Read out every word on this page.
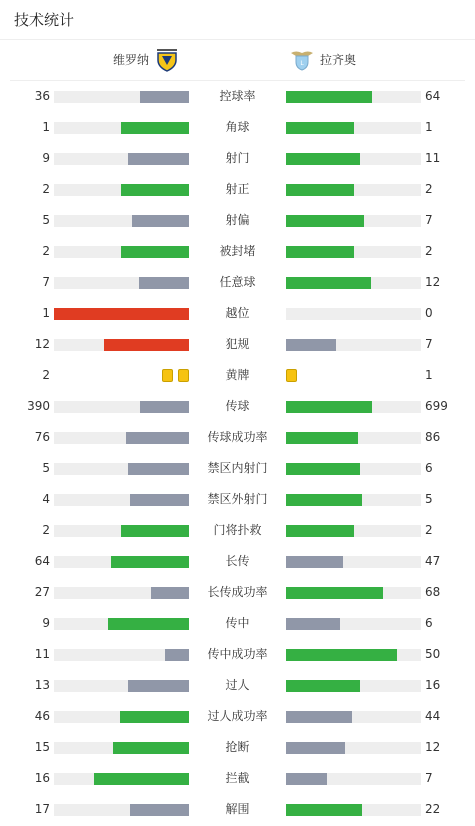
技术统计
维罗纳	L 拉齐奥
36	控球率	64
1	角球	1
9	射门	11
2	射正	2
5	射偏	7
2	被封堵	2
7	任意球	12
1	越位	0
12	犯规	7
2	黄牌	1
390	传球	699
76	传球成功率	86
5	禁区内射门	6
4	禁区外射门	5
2	门将扑救	2
64	长传	47
27	长传成功率	68
9	传中	6
11	传中成功率	50
13	过人	16
46	过人成功率	44
15	抢断	12
16	拦截	7
17	解围	22
